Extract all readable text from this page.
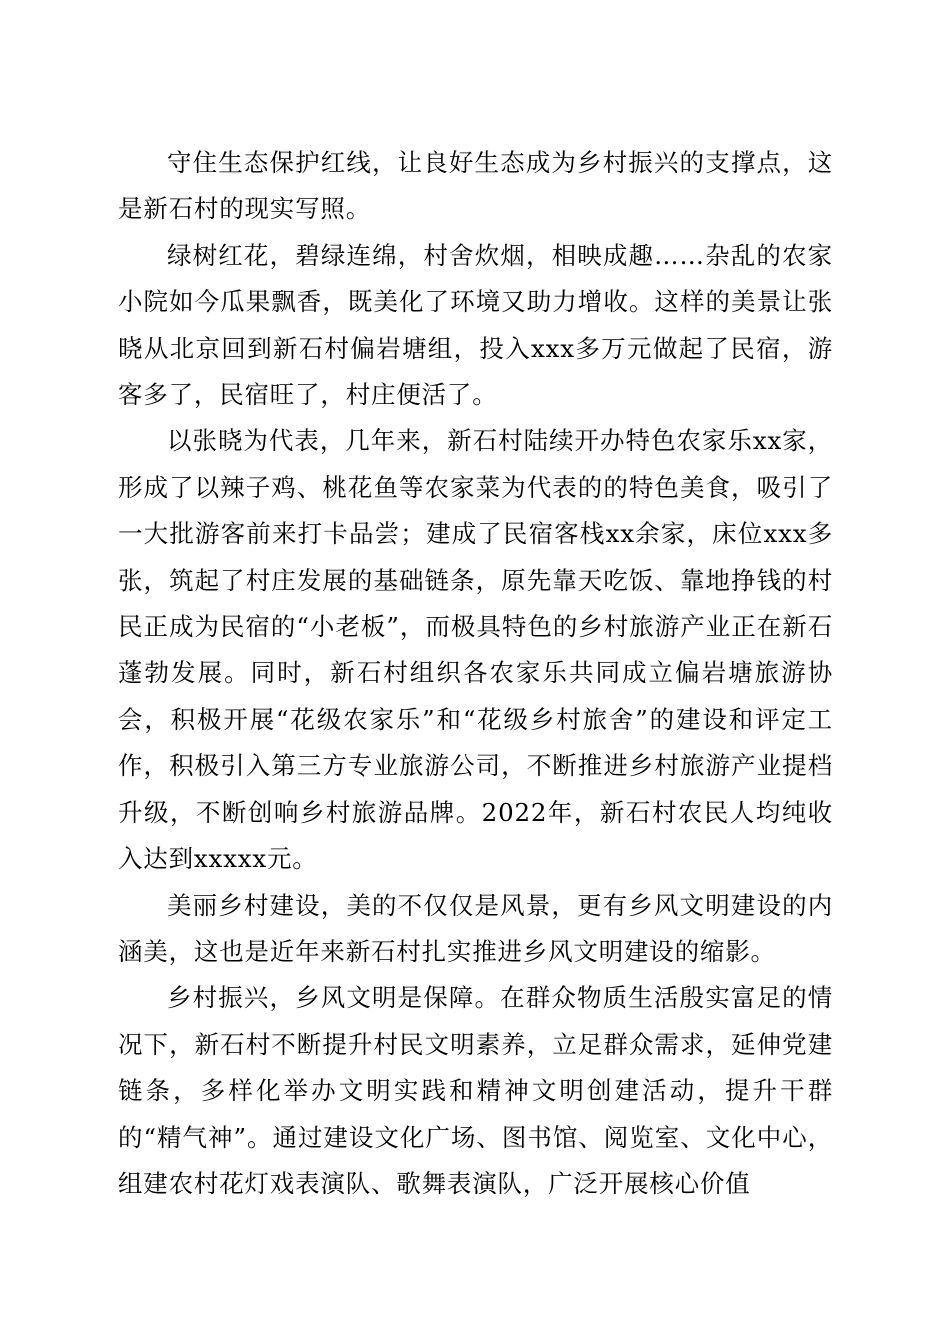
守住生态保护红线，让良好生态成为乡村振兴的支撑点，这是新石村的现实写照。

绿树红花，碧绿连绵，村舍炊烟，相映成趣……杂乱的农家小院如今瓜果飘香，既美化了环境又助力增收。这样的美景让张晓从北京回到新石村偏岩塘组，投入xxx多万元做起了民宿，游客多了，民宿旺了，村庄便活了。

以张晓为代表，几年来，新石村陆续开办特色农家乐xx家，形成了以辣子鸡、桃花鱼等农家菜为代表的的特色美食，吸引了一大批游客前来打卡品尝；建成了民宿客栈xx余家，床位xxx多张，筑起了村庄发展的基础链条，原先靠天吃饭、靠地挣钱的村民正成为民宿的“小老板”，而极具特色的乡村旅游产业正在新石蓬勃发展。同时，新石村组织各农家乐共同成立偏岩塘旅游协会，积极开展“花级农家乐”和“花级乡村旅舍”的建设和评定工作，积极引入第三方专业旅游公司，不断推进乡村旅游产业提档升级，不断创响乡村旅游品牌。2022年，新石村农民人均纯收入达到xxxxx元。

美丽乡村建设，美的不仅仅是风景，更有乡风文明建设的内涵美，这也是近年来新石村扎实推进乡风文明建设的缩影。

乡村振兴，乡风文明是保障。在群众物质生活殷实富足的情况下，新石村不断提升村民文明素养，立足群众需求，延伸党建链条，多样化举办文明实践和精神文明创建活动，提升干群的“精气神”。通过建设文化广场、图书馆、阅览室、文化中心，组建农村花灯戏表演队、歌舞表演队，广泛开展核心价值
